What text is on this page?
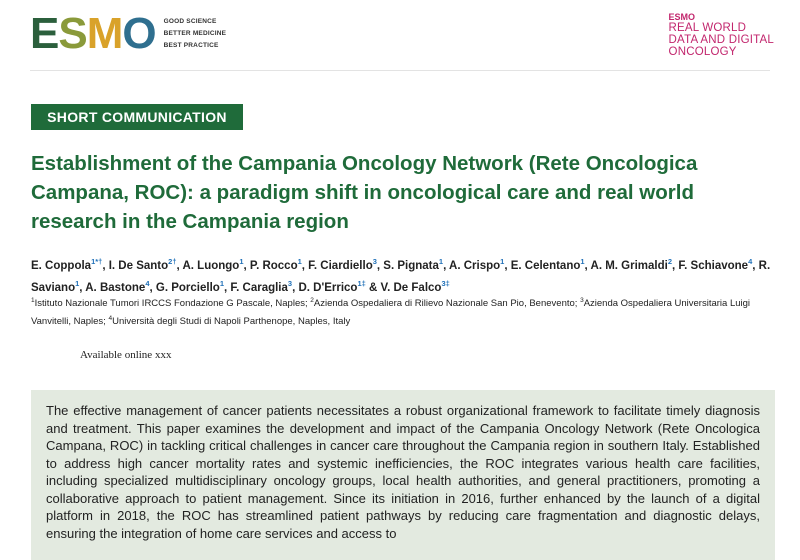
ESMO GOOD SCIENCE
BETTER MEDICINE
BEST PRACTICE
ESMO
REAL WORLD
DATA AND DIGITAL
ONCOLOGY
SHORT COMMUNICATION
Establishment of the Campania Oncology Network (Rete Oncologica Campana, ROC): a paradigm shift in oncological care and real world research in the Campania region

E. Coppola$^{1*\dagger}$, I. De Santo$^{2\dagger}$, A. Luongo$^1$, P. Rocco$^1$, F. Ciardiello$^3$, S. Pignata$^1$, A. Crispo$^1$, E. Celentano$^1$, A. M. Grimaldi$^2$, F. Schiavone$^4$, R. Saviano$^1$, A. Bastone$^4$, G. Porciello$^1$, F. Caraglia$^3$, D. D'Errico$^{1\ddagger}$ & V. De Falco$^{3\ddagger}$

$^1$Istituto Nazionale Tumori IRCCS Fondazione G Pascale, Naples; $^2$Azienda Ospedaliera di Rilievo Nazionale San Pio, Benevento; $^3$Azienda Ospedaliera Universitaria Luigi Vanvitelli, Naples; $^4$Università degli Studi di Napoli Parthenope, Naples, Italy

Available online xxx

The effective management of cancer patients necessitates a robust organizational framework to facilitate timely diagnosis and treatment. This paper examines the development and impact of the Campania Oncology Network (Rete Oncologica Campana, ROC) in tackling critical challenges in cancer care throughout the Campania region in southern Italy. Established to address high cancer mortality rates and systemic inefficiencies, the ROC integrates various health care facilities, including specialized multidisciplinary oncology groups, local health authorities, and general practitioners, promoting a collaborative approach to patient management. Since its initiation in 2016, further enhanced by the launch of a digital platform in 2018, the ROC has streamlined patient pathways by reducing care fragmentation and diagnostic delays, ensuring the integration of home care services and access to
